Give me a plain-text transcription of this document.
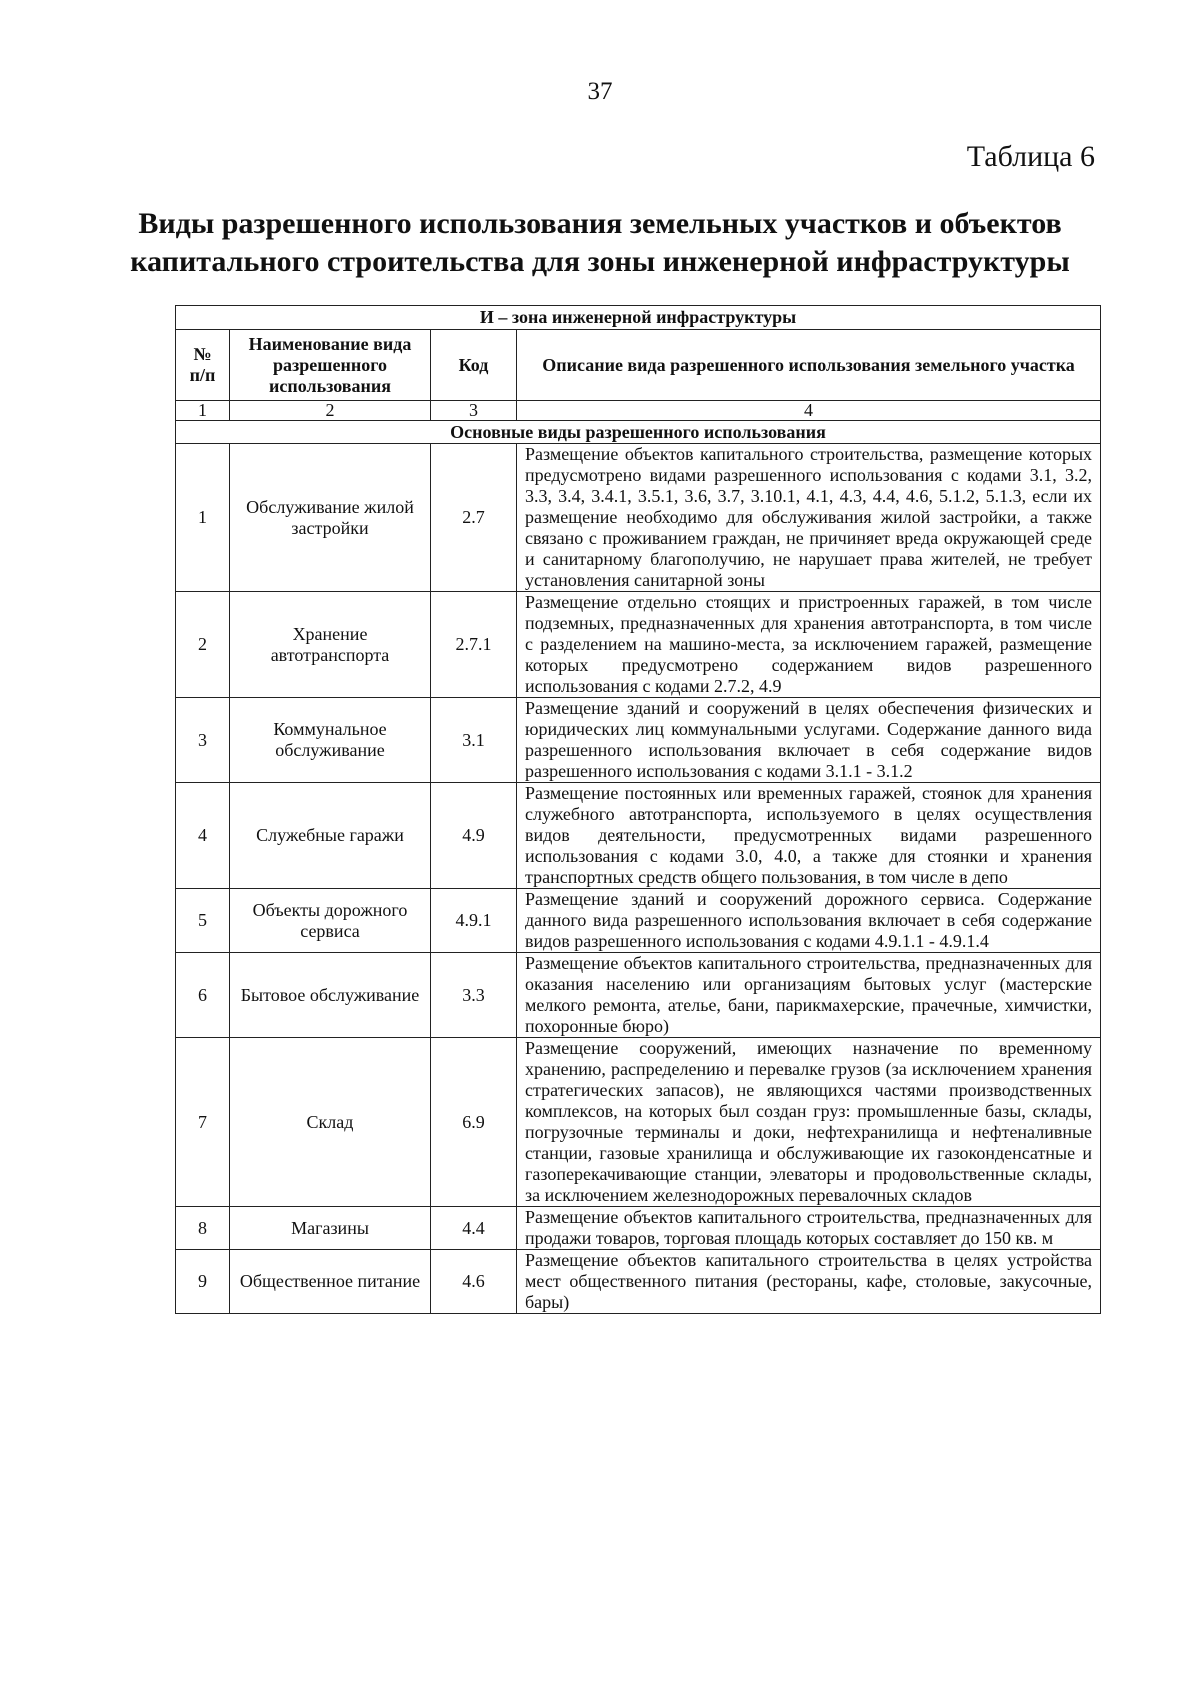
37
Таблица 6
Виды разрешенного использования земельных участков и объектов
капитального строительства для зоны инженерной инфраструктуры
И – зона инженерной инфраструктуры			
№ п/п	Наименование вида разрешенного использования	Код	Описание вида разрешенного использования земельного участка
1	2	3	4
Основные виды разрешенного использования			
1	Обслуживание жилой застройки	2.7	Размещение объектов капитального строительства, размещение которых предусмотрено видами разрешенного использования с кодами 3.1, 3.2, 3.3, 3.4, 3.4.1, 3.5.1, 3.6, 3.7, 3.10.1, 4.1, 4.3, 4.4, 4.6, 5.1.2, 5.1.3, если их размещение необходимо для обслуживания жилой застройки, а также связано с проживанием граждан, не причиняет вреда окружающей среде и санитарному благополучию, не нарушает права жителей, не требует установления санитарной зоны
2	Хранение автотранспорта	2.7.1	Размещение отдельно стоящих и пристроенных гаражей, в том числе подземных, предназначенных для хранения автотранспорта, в том числе с разделением на машино-места, за исключением гаражей, размещение которых предусмотрено содержанием видов разрешенного использования с кодами 2.7.2, 4.9
3	Коммунальное обслуживание	3.1	Размещение зданий и сооружений в целях обеспечения физических и юридических лиц коммунальными услугами. Содержание данного вида разрешенного использования включает в себя содержание видов разрешенного использования с кодами 3.1.1 - 3.1.2
4	Служебные гаражи	4.9	Размещение постоянных или временных гаражей, стоянок для хранения служебного автотранспорта, используемого в целях осуществления видов деятельности, предусмотренных видами разрешенного использования с кодами 3.0, 4.0, а также для стоянки и хранения транспортных средств общего пользования, в том числе в депо
5	Объекты дорожного сервиса	4.9.1	Размещение зданий и сооружений дорожного сервиса. Содержание данного вида разрешенного использования включает в себя содержание видов разрешенного использования с кодами 4.9.1.1 - 4.9.1.4
6	Бытовое обслуживание	3.3	Размещение объектов капитального строительства, предназначенных для оказания населению или организациям бытовых услуг (мастерские мелкого ремонта, ателье, бани, парикмахерские, прачечные, химчистки, похоронные бюро)
7	Склад	6.9	Размещение сооружений, имеющих назначение по временному хранению, распределению и перевалке грузов (за исключением хранения стратегических запасов), не являющихся частями производственных комплексов, на которых был создан груз: промышленные базы, склады, погрузочные терминалы и доки, нефтехранилища и нефтеналивные станции, газовые хранилища и обслуживающие их газоконденсатные и газоперекачивающие станции, элеваторы и продовольственные склады, за исключением железнодорожных перевалочных складов
8	Магазины	4.4	Размещение объектов капитального строительства, предназначенных для продажи товаров, торговая площадь которых составляет до 150 кв. м
9	Общественное питание	4.6	Размещение объектов капитального строительства в целях устройства мест общественного питания (рестораны, кафе, столовые, закусочные, бары)
